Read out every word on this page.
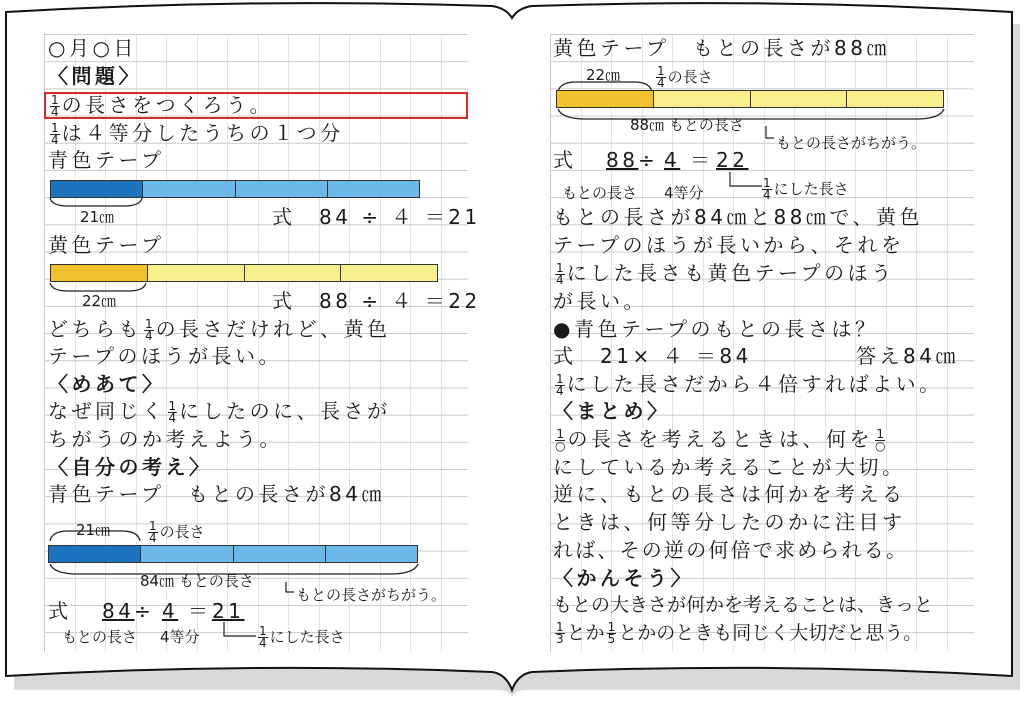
○月○日
〈問題〉
$\frac{1}{4}$ の長さをつくろう。
$\frac{1}{4}$ は４等分したうちの１つ分
青色テープ
21㎝	式　84 ÷ ４ ＝21
黄色テープ
22㎝	式　88 ÷ ４ ＝22
どちらも $\frac{1}{4}$ の長さだけれど、黄色
テープのほうが長い。
〈めあて〉
なぜ同じく $\frac{1}{4}$ にしたのに、長さが
ちがうのか考えよう。
〈自分の考え〉
青色テープ　もとの長さが84㎝
21㎝	$\frac{1}{4}$ の長さ
84㎝ もとの長さ
もとの長さがちがう。
式 84 ÷ 4 ＝ 21
もとの長さ 4等分	$\frac{1}{4}$ にした長さ
黄色テープ　もとの長さが88㎝
22㎝	$\frac{1}{4}$ の長さ
88㎝ もとの長さ
もとの長さがちがう。
式 88 ÷ 4 ＝ 22
もとの長さ 4等分	$\frac{1}{4}$ にした長さ
もとの長さが84㎝と88㎝で、黄色
テープのほうが長いから、それを
$\frac{1}{4}$ にした長さも黄色テープのほう
が長い。
●青色テープのもとの長さは？
式　21× ４ ＝84	答え84㎝
$\frac{1}{4}$ にした長さだから４倍すればよい。
〈まとめ〉
$\frac{1}{○}$ の長さを考えるときは、何を $\frac{1}{○}$
にしているか考えることが大切。
逆に、もとの長さは何かを考える
ときは、何等分したのかに注目す
れば、その逆の何倍で求められる。
〈かんそう〉
もとの大きさが何かを考えることは、きっと
$\frac{1}{3}$ とか $\frac{1}{5}$ とかのときも同じく大切だと思う。
